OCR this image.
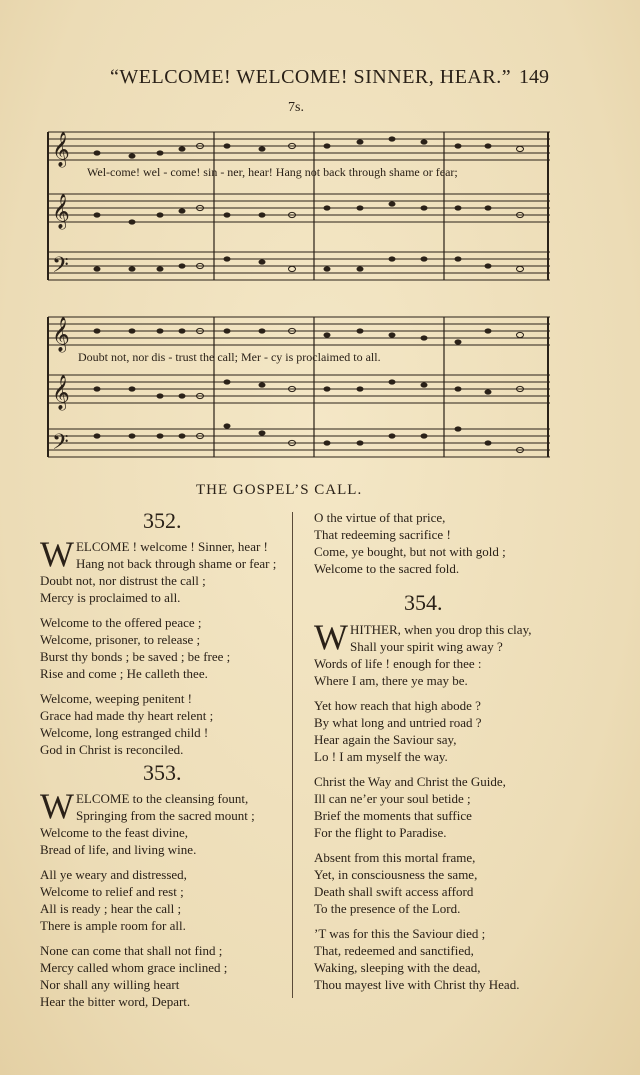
“WELCOME! WELCOME! SINNER, HEAR.” 149
7s.
𝄞
𝄞
𝄢
Wel-come! wel - come! sin - ner, hear! Hang not back through shame or fear;
𝄞
𝄞
𝄢
Doubt not, nor dis - trust the call; Mer - cy is proclaimed to all.
THE GOSPEL’S CALL.
352.
W ELCOME ! welcome ! Sinner, hear !
Hang not back through shame or fear ;
Doubt not, nor distrust the call ;
Mercy is proclaimed to all.
Welcome to the offered peace ;
Welcome, prisoner, to release ;
Burst thy bonds ; be saved ; be free ;
Rise and come ; He calleth thee.
Welcome, weeping penitent !
Grace had made thy heart relent ;
Welcome, long estranged child !
God in Christ is reconciled.
353.
W ELCOME to the cleansing fount,
Springing from the sacred mount ;
Welcome to the feast divine,
Bread of life, and living wine.
All ye weary and distressed,
Welcome to relief and rest ;
All is ready ; hear the call ;
There is ample room for all.
None can come that shall not find ;
Mercy called whom grace inclined ;
Nor shall any willing heart
Hear the bitter word, Depart.
O the virtue of that price,
That redeeming sacrifice !
Come, ye bought, but not with gold ;
Welcome to the sacred fold.
354.
W HITHER, when you drop this clay,
Shall your spirit wing away ?
Words of life ! enough for thee :
Where I am, there ye may be.
Yet how reach that high abode ?
By what long and untried road ?
Hear again the Saviour say,
Lo ! I am myself the way.
Christ the Way and Christ the Guide,
Ill can ne’er your soul betide ;
Brief the moments that suffice
For the flight to Paradise.
Absent from this mortal frame,
Yet, in consciousness the same,
Death shall swift access afford
To the presence of the Lord.
’T was for this the Saviour died ;
That, redeemed and sanctified,
Waking, sleeping with the dead,
Thou mayest live with Christ thy Head.
